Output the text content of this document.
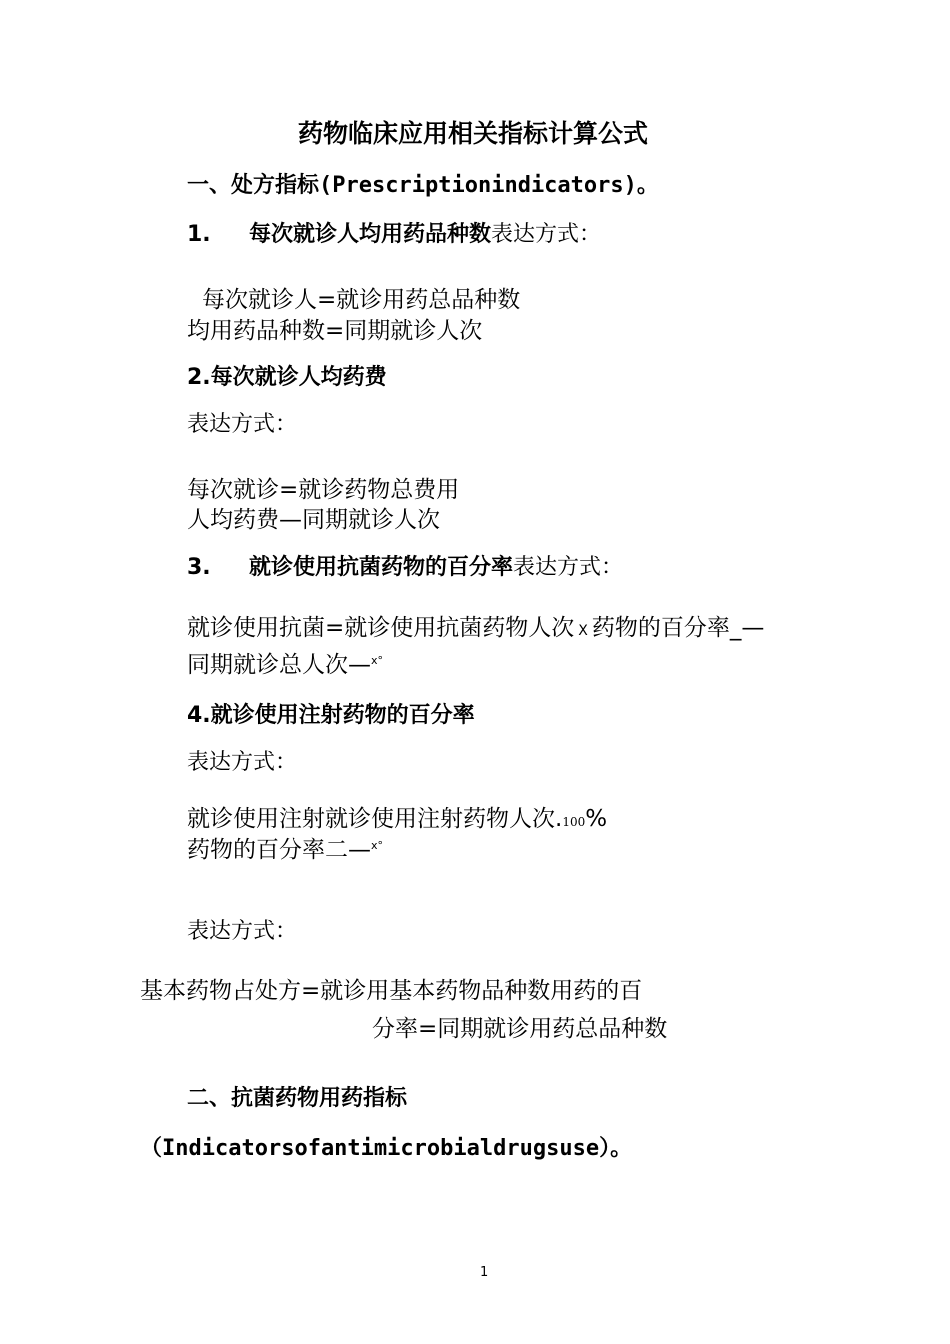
药物临床应用相关指标计算公式
一、处方指标(Prescriptionindicators)。
1. 每次就诊人均用药品种数表达方式：
每次就诊人=就诊用药总品种数
均用药品种数=同期就诊人次
2.每次就诊人均药费
表达方式：
每次就诊=就诊药物总费用
人均药费—同期就诊人次
3. 就诊使用抗菌药物的百分率表达方式：
就诊使用抗菌=就诊使用抗菌药物人次 X 药物的百分率_—
同期就诊总人次—$^{x^\circ}$
4.就诊使用注射药物的百分率
表达方式：
就诊使用注射就诊使用注射药物人次.100%
药物的百分率二—$^{x^\circ}$
表达方式：
基本药物占处方=就诊用基本药物品种数用药的百
分率=同期就诊用药总品种数
二、抗菌药物用药指标
（Indicatorsofantimicrobialdrugsuse）。
1
